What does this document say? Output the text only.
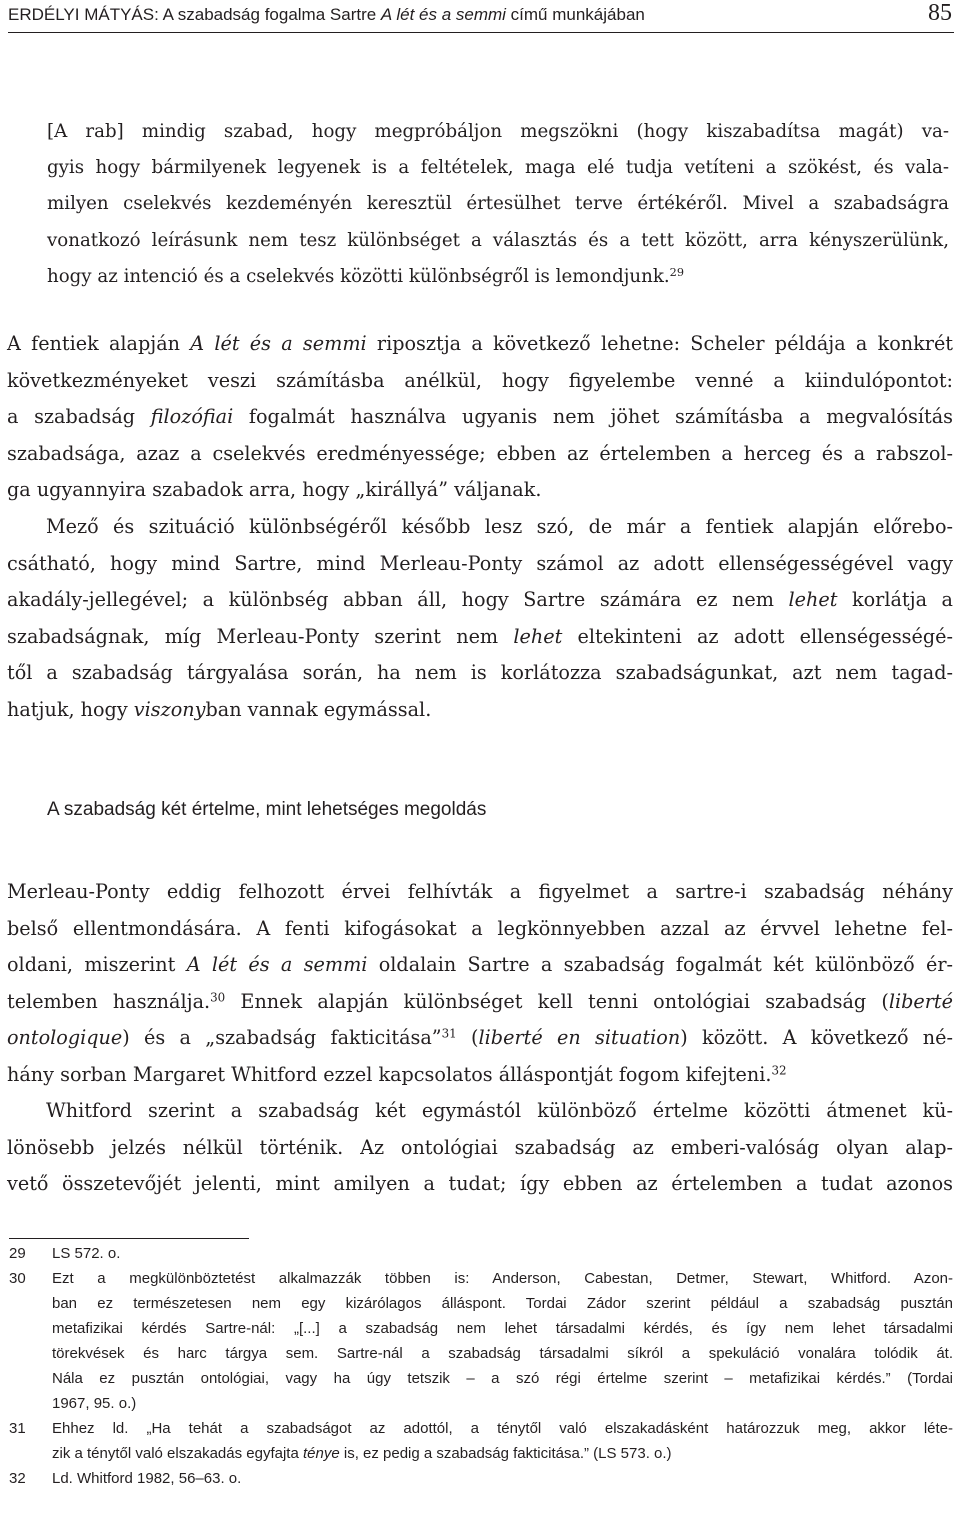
ERDÉLYI MÁTYÁS: A szabadság fogalma Sartre A lét és a semmi című munkájában	85
[A rab] mindig szabad, hogy megpróbáljon megszökni (hogy kiszabadítsa magát) va-
gyis hogy bármilyenek legyenek is a feltételek, maga elé tudja vetíteni a szökést, és vala-
milyen cselekvés kezdeményén keresztül értesülhet terve értékéről. Mivel a szabadságra
vonatkozó leírásunk nem tesz különbséget a választás és a tett között, arra kényszerülünk,
hogy az intenció és a cselekvés közötti különbségről is lemondjunk.$^{29}$
A fentiek alapján A lét és a semmi riposztja a következő lehetne: Scheler példája a konkrét
következményeket veszi számításba anélkül, hogy figyelembe venné a kiindulópontot:
a szabadság filozófiai fogalmát használva ugyanis nem jöhet számításba a megvalósítás
szabadsága, azaz a cselekvés eredményessége; ebben az értelemben a herceg és a rabszol-
ga ugyannyira szabadok arra, hogy „királlyá” váljanak.
Mező és szituáció különbségéről később lesz szó, de már a fentiek alapján előrebo-
csátható, hogy mind Sartre, mind Merleau-Ponty számol az adott ellenségességével vagy
akadály-jellegével; a különbség abban áll, hogy Sartre számára ez nem lehet korlátja a
szabadságnak, míg Merleau-Ponty szerint nem lehet eltekinteni az adott ellenségességé-
től a szabadság tárgyalása során, ha nem is korlátozza szabadságunkat, azt nem tagad-
hatjuk, hogy viszonyban vannak egymással.
A szabadság két értelme, mint lehetséges megoldás
Merleau-Ponty eddig felhozott érvei felhívták a figyelmet a sartre-i szabadság néhány
belső ellentmondására. A fenti kifogásokat a legkönnyebben azzal az érvvel lehetne fel-
oldani, miszerint A lét és a semmi oldalain Sartre a szabadság fogalmát két különböző ér-
telemben használja.$^{30}$ Ennek alapján különbséget kell tenni ontológiai szabadság (liberté
ontologique) és a „szabadság fakticitása”$^{31}$ (liberté en situation) között. A következő né-
hány sorban Margaret Whitford ezzel kapcsolatos álláspontját fogom kifejteni.$^{32}$
Whitford szerint a szabadság két egymástól különböző értelme közötti átmenet kü-
lönösebb jelzés nélkül történik. Az ontológiai szabadság az emberi-valóság olyan alap-
vető összetevőjét jelenti, mint amilyen a tudat; így ebben az értelemben a tudat azonos
29	LS 572. o.
30	Ezt a megkülönböztetést alkalmazzák többen is: Anderson, Cabestan, Detmer, Stewart, Whitford. Azon-
ban ez természetesen nem egy kizárólagos álláspont. Tordai Zádor szerint például a szabadság pusztán
metafizikai kérdés Sartre-nál: „[...] a szabadság nem lehet társadalmi kérdés, és így nem lehet társadalmi
törekvések és harc tárgya sem. Sartre-nál a szabadság társadalmi síkról a spekuláció vonalára tolódik át.
Nála ez pusztán ontológiai, vagy ha úgy tetszik – a szó régi értelme szerint – metafizikai kérdés.” (Tordai
1967, 95. o.)
31	Ehhez ld. „Ha tehát a szabadságot az adottól, a ténytől való elszakadásként határozzuk meg, akkor léte-
zik a ténytől való elszakadás egyfajta ténye is, ez pedig a szabadság fakticitása.” (LS 573. o.)
32	Ld. Whitford 1982, 56–63. o.
